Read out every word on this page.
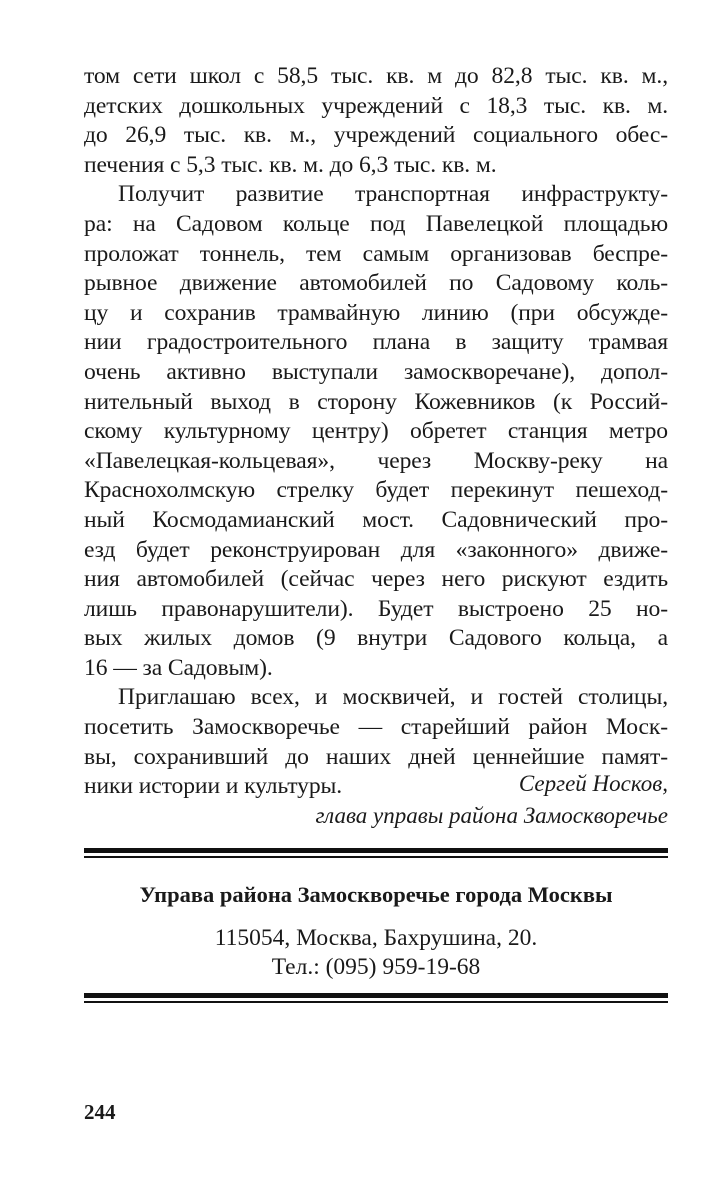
том сети школ с 58,5 тыс. кв. м до 82,8 тыс. кв. м.,
детских дошкольных учреждений с 18,3 тыс. кв. м.
до 26,9 тыс. кв. м., учреждений социального обес-
печения с 5,3 тыс. кв. м. до 6,3 тыс. кв. м.
Получит развитие транспортная инфраструкту-
ра: на Садовом кольце под Павелецкой площадью
проложат тоннель, тем самым организовав беспре-
рывное движение автомобилей по Садовому коль-
цу и сохранив трамвайную линию (при обсужде-
нии градостроительного плана в защиту трамвая
очень активно выступали замоскворечане), допол-
нительный выход в сторону Кожевников (к Россий-
скому культурному центру) обретет станция метро
«Павелецкая-кольцевая», через Москву-реку на
Краснохолмскую стрелку будет перекинут пешеход-
ный Космодамианский мост. Садовнический про-
езд будет реконструирован для «законного» движе-
ния автомобилей (сейчас через него рискуют ездить
лишь правонарушители). Будет выстроено 25 но-
вых жилых домов (9 внутри Садового кольца, а
16 — за Садовым).
Приглашаю всех, и москвичей, и гостей столицы,
посетить Замоскворечье — старейший район Моск-
вы, сохранивший до наших дней ценнейшие памят-
ники истории и культуры.	Сергей Носков,
глава управы района Замоскворечье
Управа района Замоскворечье города Москвы
115054, Москва, Бахрушина, 20.
Тел.: (095) 959-19-68
244
